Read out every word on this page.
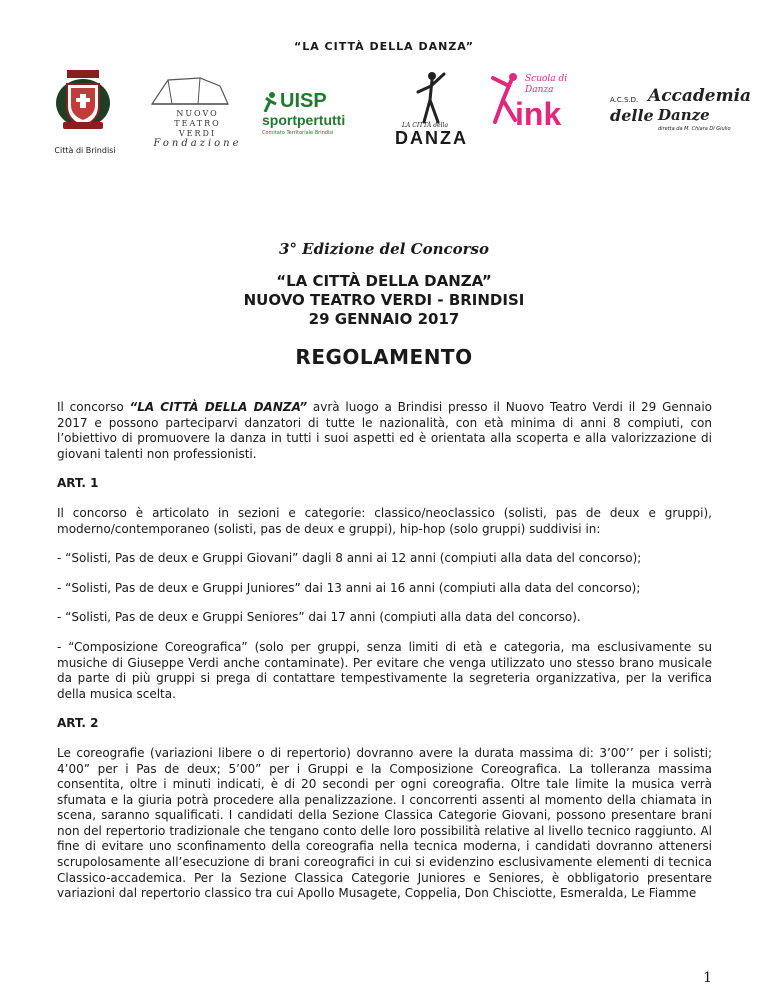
“LA CITTÀ DELLA DANZA”
Città di Brindisi
NUOVO
TEATRO
VERDI
Fondazione
UISP
sportpertutti
Comitato Territoriale Brindisi
LA CITTÀ della
DANZA
Scuola di Danza
ink	A.C.S.D. Accademia
delle Danze
diretta da M. Chiara Di Giulio
3° Edizione del Concorso
“LA CITTÀ DELLA DANZA”
NUOVO TEATRO VERDI - BRINDISI
29 GENNAIO 2017
REGOLAMENTO

Il concorso “LA CITTÀ DELLA DANZA” avrà luogo a Brindisi presso il Nuovo Teatro Verdi il 29 Gennaio 2017 e possono parteciparvi danzatori di tutte le nazionalità, con età minima di anni 8 compiuti, con l’obiettivo di promuovere la danza in tutti i suoi aspetti ed è orientata alla scoperta e alla valorizzazione di giovani talenti non professionisti.

ART. 1

Il concorso è articolato in sezioni e categorie: classico/neoclassico (solisti, pas de deux e gruppi), moderno/contemporaneo (solisti, pas de deux e gruppi), hip-hop (solo gruppi) suddivisi in:

- “Solisti, Pas de deux e Gruppi Giovani” dagli 8 anni ai 12 anni (compiuti alla data del concorso);

- “Solisti, Pas de deux e Gruppi Juniores” dai 13 anni ai 16 anni (compiuti alla data del concorso);

- “Solisti, Pas de deux e Gruppi Seniores” dai 17 anni (compiuti alla data del concorso).

- “Composizione Coreografica” (solo per gruppi, senza limiti di età e categoria, ma esclusivamente su musiche di Giuseppe Verdi anche contaminate). Per evitare che venga utilizzato uno stesso brano musicale da parte di più gruppi si prega di contattare tempestivamente la segreteria organizzativa, per la verifica della musica scelta.

ART. 2

Le coreografie (variazioni libere o di repertorio) dovranno avere la durata massima di: 3’00’’ per i solisti; 4’00” per i Pas de deux; 5’00” per i Gruppi e la Composizione Coreografica. La tolleranza massima consentita, oltre i minuti indicati, è di 20 secondi per ogni coreografia. Oltre tale limite la musica verrà sfumata e la giuria potrà procedere alla penalizzazione. I concorrenti assenti al momento della chiamata in scena, saranno squalificati. I candidati della Sezione Classica Categorie Giovani, possono presentare brani non del repertorio tradizionale che tengano conto delle loro possibilità relative al livello tecnico raggiunto. Al fine di evitare uno sconfinamento della coreografia nella tecnica moderna, i candidati dovranno attenersi scrupolosamente all’esecuzione di brani coreografici in cui si evidenzino esclusivamente elementi di tecnica Classico-accademica. Per la Sezione Classica Categorie Juniores e Seniores, è obbligatorio presentare variazioni dal repertorio classico tra cui Apollo Musagete, Coppelia, Don Chisciotte, Esmeralda, Le Fiamme

1
